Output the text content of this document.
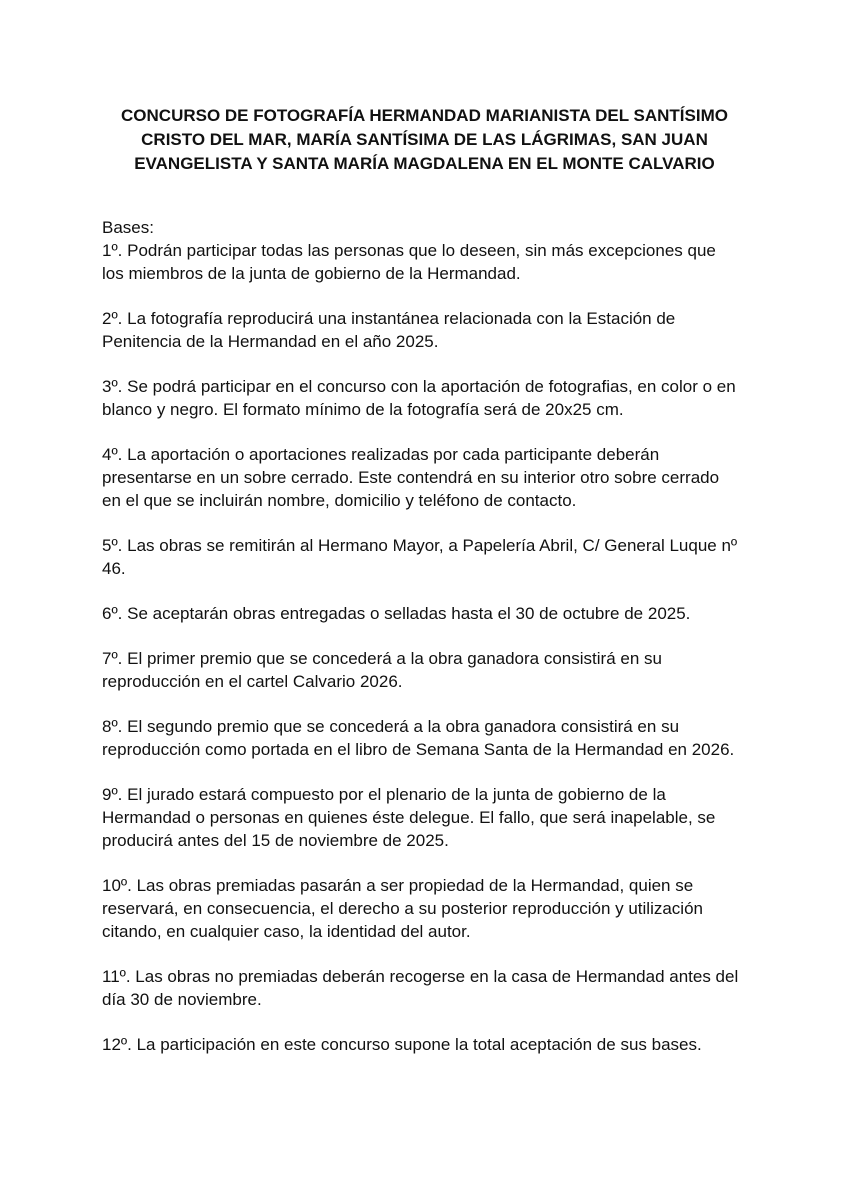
CONCURSO DE FOTOGRAFÍA HERMANDAD MARIANISTA DEL SANTÍSIMO
CRISTO DEL MAR, MARÍA SANTÍSIMA DE LAS LÁGRIMAS, SAN JUAN
EVANGELISTA Y SANTA MARÍA MAGDALENA EN EL MONTE CALVARIO
Bases:
1º. Podrán participar todas las personas que lo deseen, sin más excepciones que
los miembros de la junta de gobierno de la Hermandad.
2º. La fotografía reproducirá una instantánea relacionada con la Estación de
Penitencia de la Hermandad en el año 2025.
3º. Se podrá participar en el concurso con la aportación de fotografias, en color o en
blanco y negro. El formato mínimo de la fotografía será de 20x25 cm.
4º. La aportación o aportaciones realizadas por cada participante deberán
presentarse en un sobre cerrado. Este contendrá en su interior otro sobre cerrado
en el que se incluirán nombre, domicilio y teléfono de contacto.
5º. Las obras se remitirán al Hermano Mayor, a Papelería Abril, C/ General Luque nº
46.
6º. Se aceptarán obras entregadas o selladas hasta el 30 de octubre de 2025.
7º. El primer premio que se concederá a la obra ganadora consistirá en su
reproducción en el cartel Calvario 2026.
8º. El segundo premio que se concederá a la obra ganadora consistirá en su
reproducción como portada en el libro de Semana Santa de la Hermandad en 2026.
9º. El jurado estará compuesto por el plenario de la junta de gobierno de la
Hermandad o personas en quienes éste delegue. El fallo, que será inapelable, se
producirá antes del 15 de noviembre de 2025.
10º. Las obras premiadas pasarán a ser propiedad de la Hermandad, quien se
reservará, en consecuencia, el derecho a su posterior reproducción y utilización
citando, en cualquier caso, la identidad del autor.
11º. Las obras no premiadas deberán recogerse en la casa de Hermandad antes del
día 30 de noviembre.
12º. La participación en este concurso supone la total aceptación de sus bases.
